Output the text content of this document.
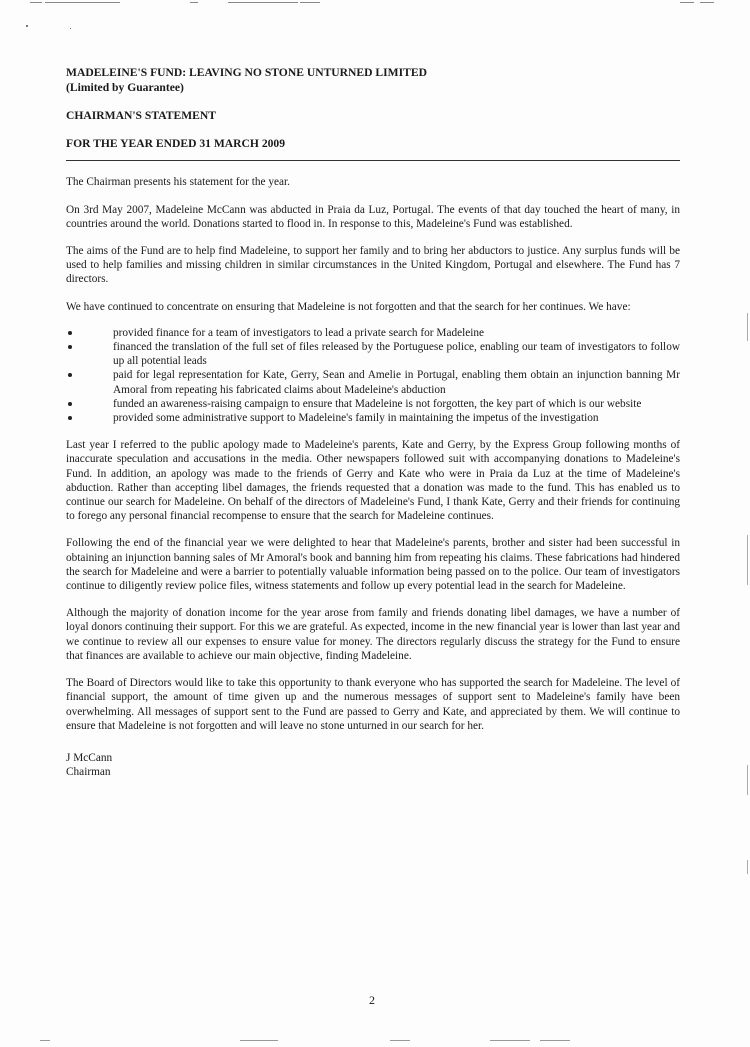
MADELEINE'S FUND: LEAVING NO STONE UNTURNED LIMITED
(Limited by Guarantee)
CHAIRMAN'S STATEMENT
FOR THE YEAR ENDED 31 MARCH 2009

The Chairman presents his statement for the year.

On 3rd May 2007, Madeleine McCann was abducted in Praia da Luz, Portugal. The events of that day touched the heart of many, in countries around the world. Donations started to flood in. In response to this, Madeleine's Fund was established.

The aims of the Fund are to help find Madeleine, to support her family and to bring her abductors to justice. Any surplus funds will be used to help families and missing children in similar circumstances in the United Kingdom, Portugal and elsewhere. The Fund has 7 directors.

We have continued to concentrate on ensuring that Madeleine is not forgotten and that the search for her continues. We have:

provided finance for a team of investigators to lead a private search for Madeleine
financed the translation of the full set of files released by the Portuguese police, enabling our team of investigators to follow up all potential leads
paid for legal representation for Kate, Gerry, Sean and Amelie in Portugal, enabling them obtain an injunction banning Mr Amoral from repeating his fabricated claims about Madeleine's abduction
funded an awareness-raising campaign to ensure that Madeleine is not forgotten, the key part of which is our website
provided some administrative support to Madeleine's family in maintaining the impetus of the investigation

Last year I referred to the public apology made to Madeleine's parents, Kate and Gerry, by the Express Group following months of inaccurate speculation and accusations in the media. Other newspapers followed suit with accompanying donations to Madeleine's Fund. In addition, an apology was made to the friends of Gerry and Kate who were in Praia da Luz at the time of Madeleine's abduction. Rather than accepting libel damages, the friends requested that a donation was made to the fund. This has enabled us to continue our search for Madeleine. On behalf of the directors of Madeleine's Fund, I thank Kate, Gerry and their friends for continuing to forego any personal financial recompense to ensure that the search for Madeleine continues.

Following the end of the financial year we were delighted to hear that Madeleine's parents, brother and sister had been successful in obtaining an injunction banning sales of Mr Amoral's book and banning him from repeating his claims. These fabrications had hindered the search for Madeleine and were a barrier to potentially valuable information being passed on to the police. Our team of investigators continue to diligently review police files, witness statements and follow up every potential lead in the search for Madeleine.

Although the majority of donation income for the year arose from family and friends donating libel damages, we have a number of loyal donors continuing their support. For this we are grateful. As expected, income in the new financial year is lower than last year and we continue to review all our expenses to ensure value for money. The directors regularly discuss the strategy for the Fund to ensure that finances are available to achieve our main objective, finding Madeleine.

The Board of Directors would like to take this opportunity to thank everyone who has supported the search for Madeleine. The level of financial support, the amount of time given up and the numerous messages of support sent to Madeleine's family have been overwhelming. All messages of support sent to the Fund are passed to Gerry and Kate, and appreciated by them. We will continue to ensure that Madeleine is not forgotten and will leave no stone unturned in our search for her.

J McCann
Chairman
2
